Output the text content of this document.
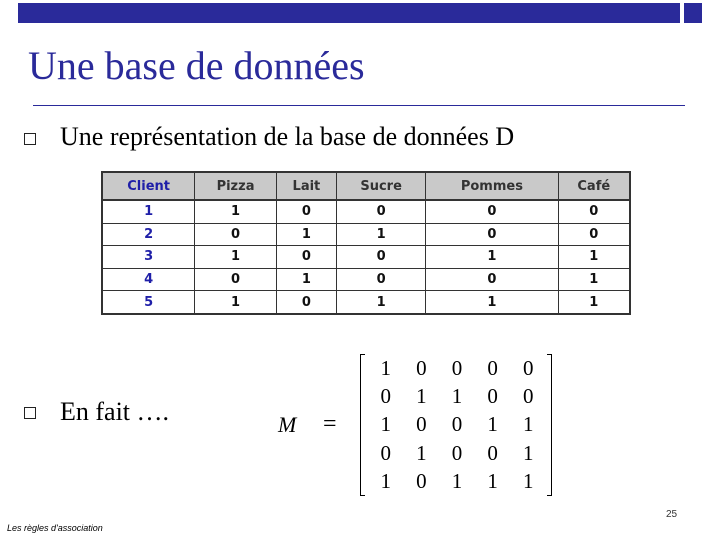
Une base de données
Une représentation de la base de données D
Client	Pizza	Lait	Sucre	Pommes	Café
1	1	0	0	0	0
2	0	1	1	0	0
3	1	0	0	1	1
4	0	1	0	0	1
5	1	0	1	1	1
En fait ….	M =
1	0	0	0	0
0	1	1	0	0
1	0	0	1	1
0	1	0	0	1
1	0	1	1	1
25
Les règles d'association
